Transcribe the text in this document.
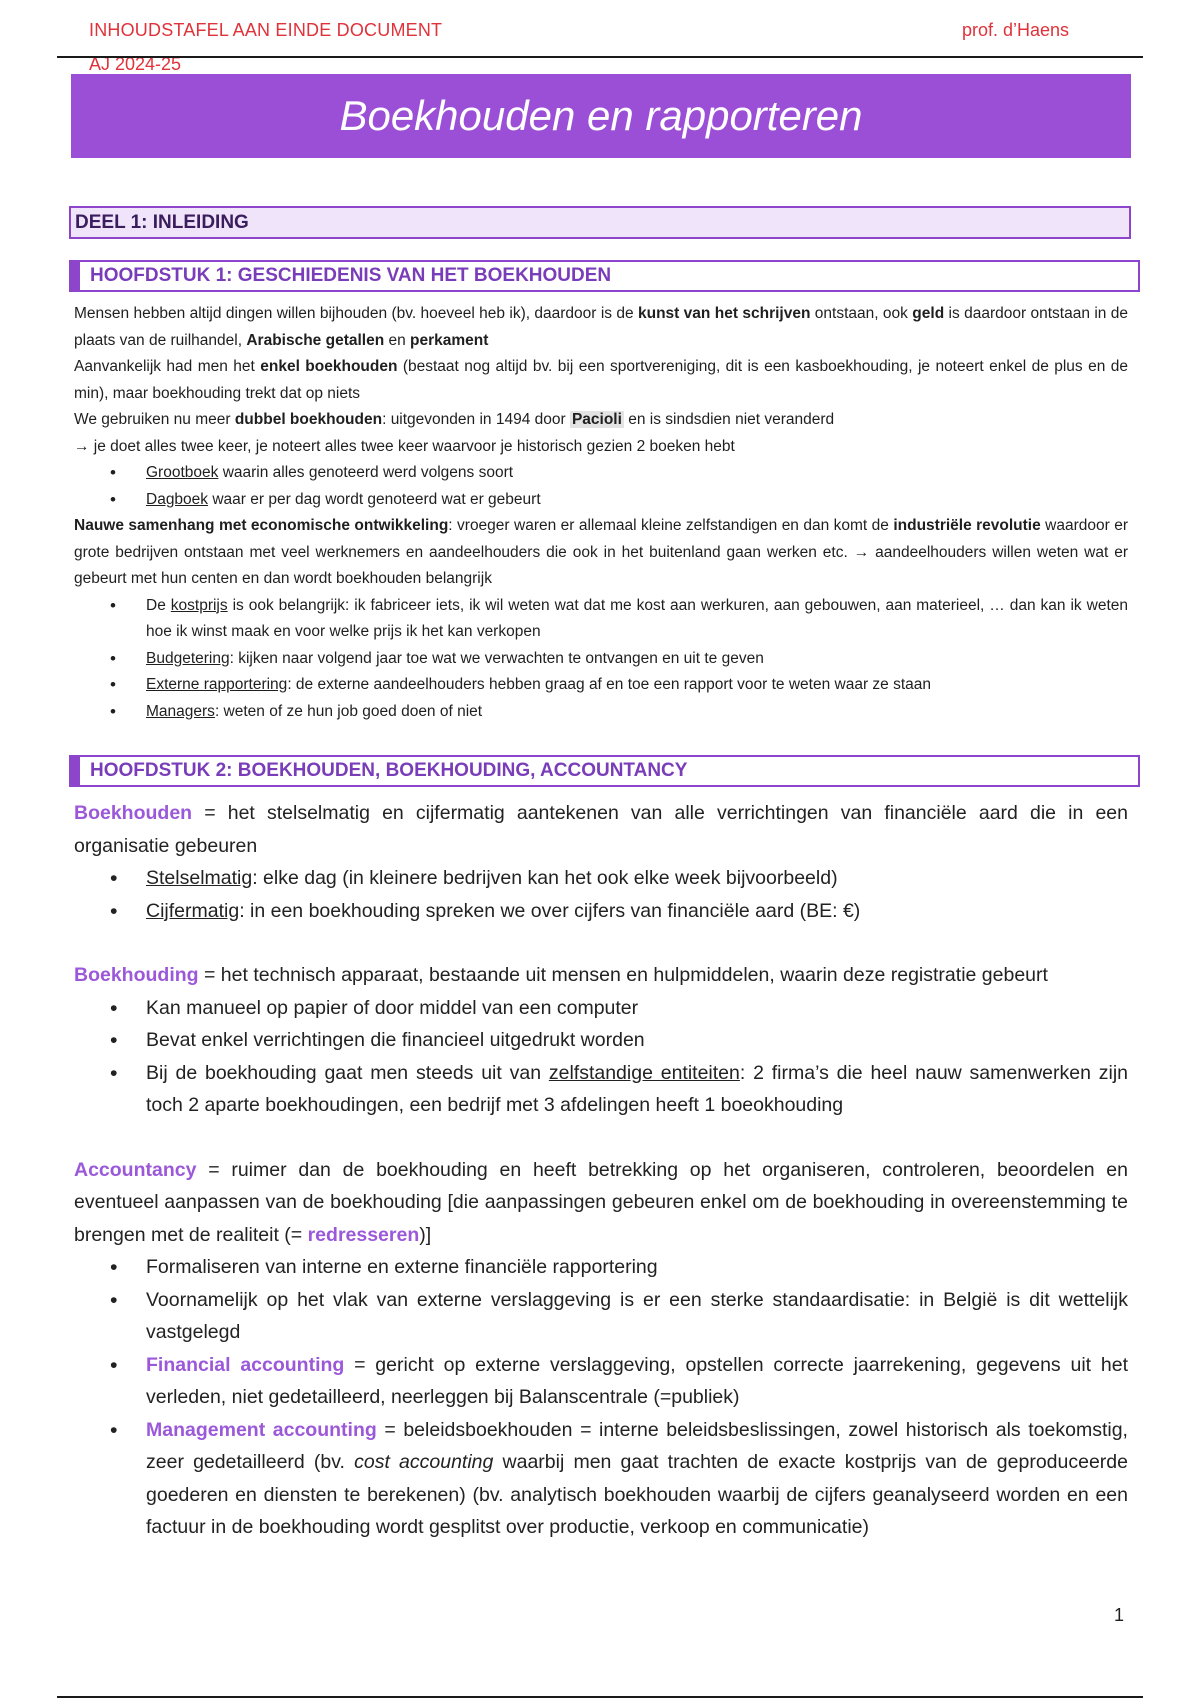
INHOUDSTAFEL AAN EINDE DOCUMENT	prof. d’Haens
AJ 2024-25
Boekhouden en rapporteren
DEEL 1: INLEIDING
HOOFDSTUK 1: GESCHIEDENIS VAN HET BOEKHOUDEN

Mensen hebben altijd dingen willen bijhouden (bv. hoeveel heb ik), daardoor is de kunst van het schrijven ontstaan, ook geld is daardoor ontstaan in de plaats van de ruilhandel, Arabische getallen en perkament

Aanvankelijk had men het enkel boekhouden (bestaat nog altijd bv. bij een sportvereniging, dit is een kasboekhouding, je noteert enkel de plus en de min), maar boekhouding trekt dat op niets

We gebruiken nu meer dubbel boekhouden: uitgevonden in 1494 door Pacioli en is sindsdien niet veranderd

→ je doet alles twee keer, je noteert alles twee keer waarvoor je historisch gezien 2 boeken hebt

• Grootboek waarin alles genoteerd werd volgens soort
• Dagboek waar er per dag wordt genoteerd wat er gebeurt

Nauwe samenhang met economische ontwikkeling: vroeger waren er allemaal kleine zelfstandigen en dan komt de industriële revolutie waardoor er grote bedrijven ontstaan met veel werknemers en aandeelhouders die ook in het buitenland gaan werken etc. → aandeelhouders willen weten wat er gebeurt met hun centen en dan wordt boekhouden belangrijk

• De kostprijs is ook belangrijk: ik fabriceer iets, ik wil weten wat dat me kost aan werkuren, aan gebouwen, aan materieel, … dan kan ik weten hoe ik winst maak en voor welke prijs ik het kan verkopen
• Budgetering: kijken naar volgend jaar toe wat we verwachten te ontvangen en uit te geven
• Externe rapportering: de externe aandeelhouders hebben graag af en toe een rapport voor te weten waar ze staan
• Managers: weten of ze hun job goed doen of niet
HOOFDSTUK 2: BOEKHOUDEN, BOEKHOUDING, ACCOUNTANCY

Boekhouden = het stelselmatig en cijfermatig aantekenen van alle verrichtingen van financiële aard die in een organisatie gebeuren

• Stelselmatig: elke dag (in kleinere bedrijven kan het ook elke week bijvoorbeeld)
• Cijfermatig: in een boekhouding spreken we over cijfers van financiële aard (BE: €)

Boekhouding = het technisch apparaat, bestaande uit mensen en hulpmiddelen, waarin deze registratie gebeurt

• Kan manueel op papier of door middel van een computer
• Bevat enkel verrichtingen die financieel uitgedrukt worden
• Bij de boekhouding gaat men steeds uit van zelfstandige entiteiten: 2 firma’s die heel nauw samenwerken zijn toch 2 aparte boekhoudingen, een bedrijf met 3 afdelingen heeft 1 boeokhouding

Accountancy = ruimer dan de boekhouding en heeft betrekking op het organiseren, controleren, beoordelen en eventueel aanpassen van de boekhouding [die aanpassingen gebeuren enkel om de boekhouding in overeenstemming te brengen met de realiteit (= redresseren)]

• Formaliseren van interne en externe financiële rapportering
• Voornamelijk op het vlak van externe verslaggeving is er een sterke standaardisatie: in België is dit wettelijk vastgelegd
• Financial accounting = gericht op externe verslaggeving, opstellen correcte jaarrekening, gegevens uit het verleden, niet gedetailleerd, neerleggen bij Balanscentrale (=publiek)
• Management accounting = beleidsboekhouden = interne beleidsbeslissingen, zowel historisch als toekomstig, zeer gedetailleerd (bv. cost accounting waarbij men gaat trachten de exacte kostprijs van de geproduceerde goederen en diensten te berekenen) (bv. analytisch boekhouden waarbij de cijfers geanalyseerd worden en een factuur in de boekhouding wordt gesplitst over productie, verkoop en communicatie)
1
